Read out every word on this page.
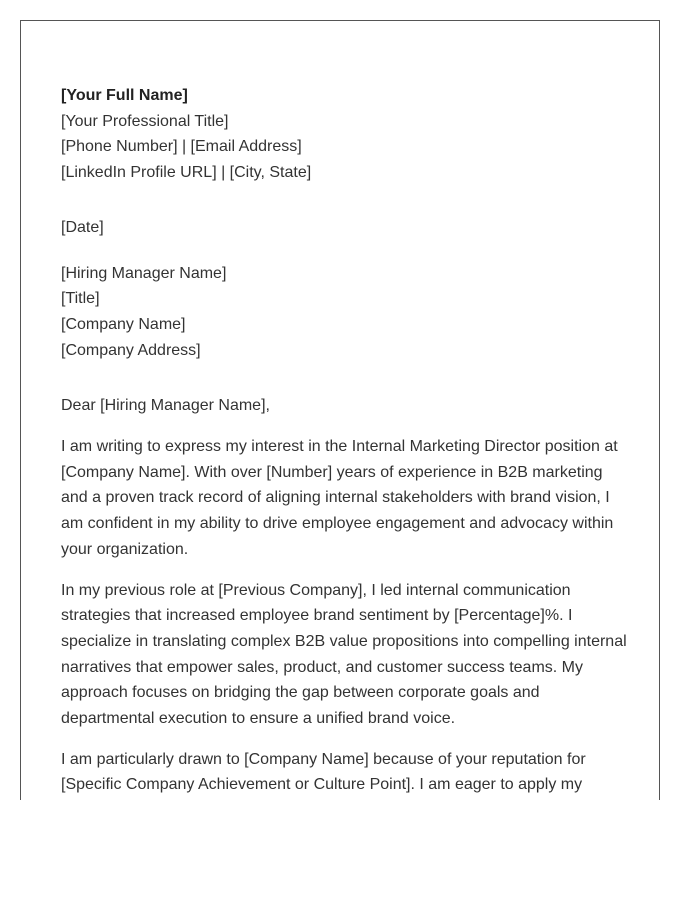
[Your Full Name]
[Your Professional Title]
[Phone Number] | [Email Address]
[LinkedIn Profile URL] | [City, State]
[Date]
[Hiring Manager Name]
[Title]
[Company Name]
[Company Address]
Dear [Hiring Manager Name],
I am writing to express my interest in the Internal Marketing Director position at [Company Name]. With over [Number] years of experience in B2B marketing and a proven track record of aligning internal stakeholders with brand vision, I am confident in my ability to drive employee engagement and advocacy within your organization.
In my previous role at [Previous Company], I led internal communication strategies that increased employee brand sentiment by [Percentage]%. I specialize in translating complex B2B value propositions into compelling internal narratives that empower sales, product, and customer success teams. My approach focuses on bridging the gap between corporate goals and departmental execution to ensure a unified brand voice.
I am particularly drawn to [Company Name] because of your reputation for [Specific Company Achievement or Culture Point]. I am eager to apply my
